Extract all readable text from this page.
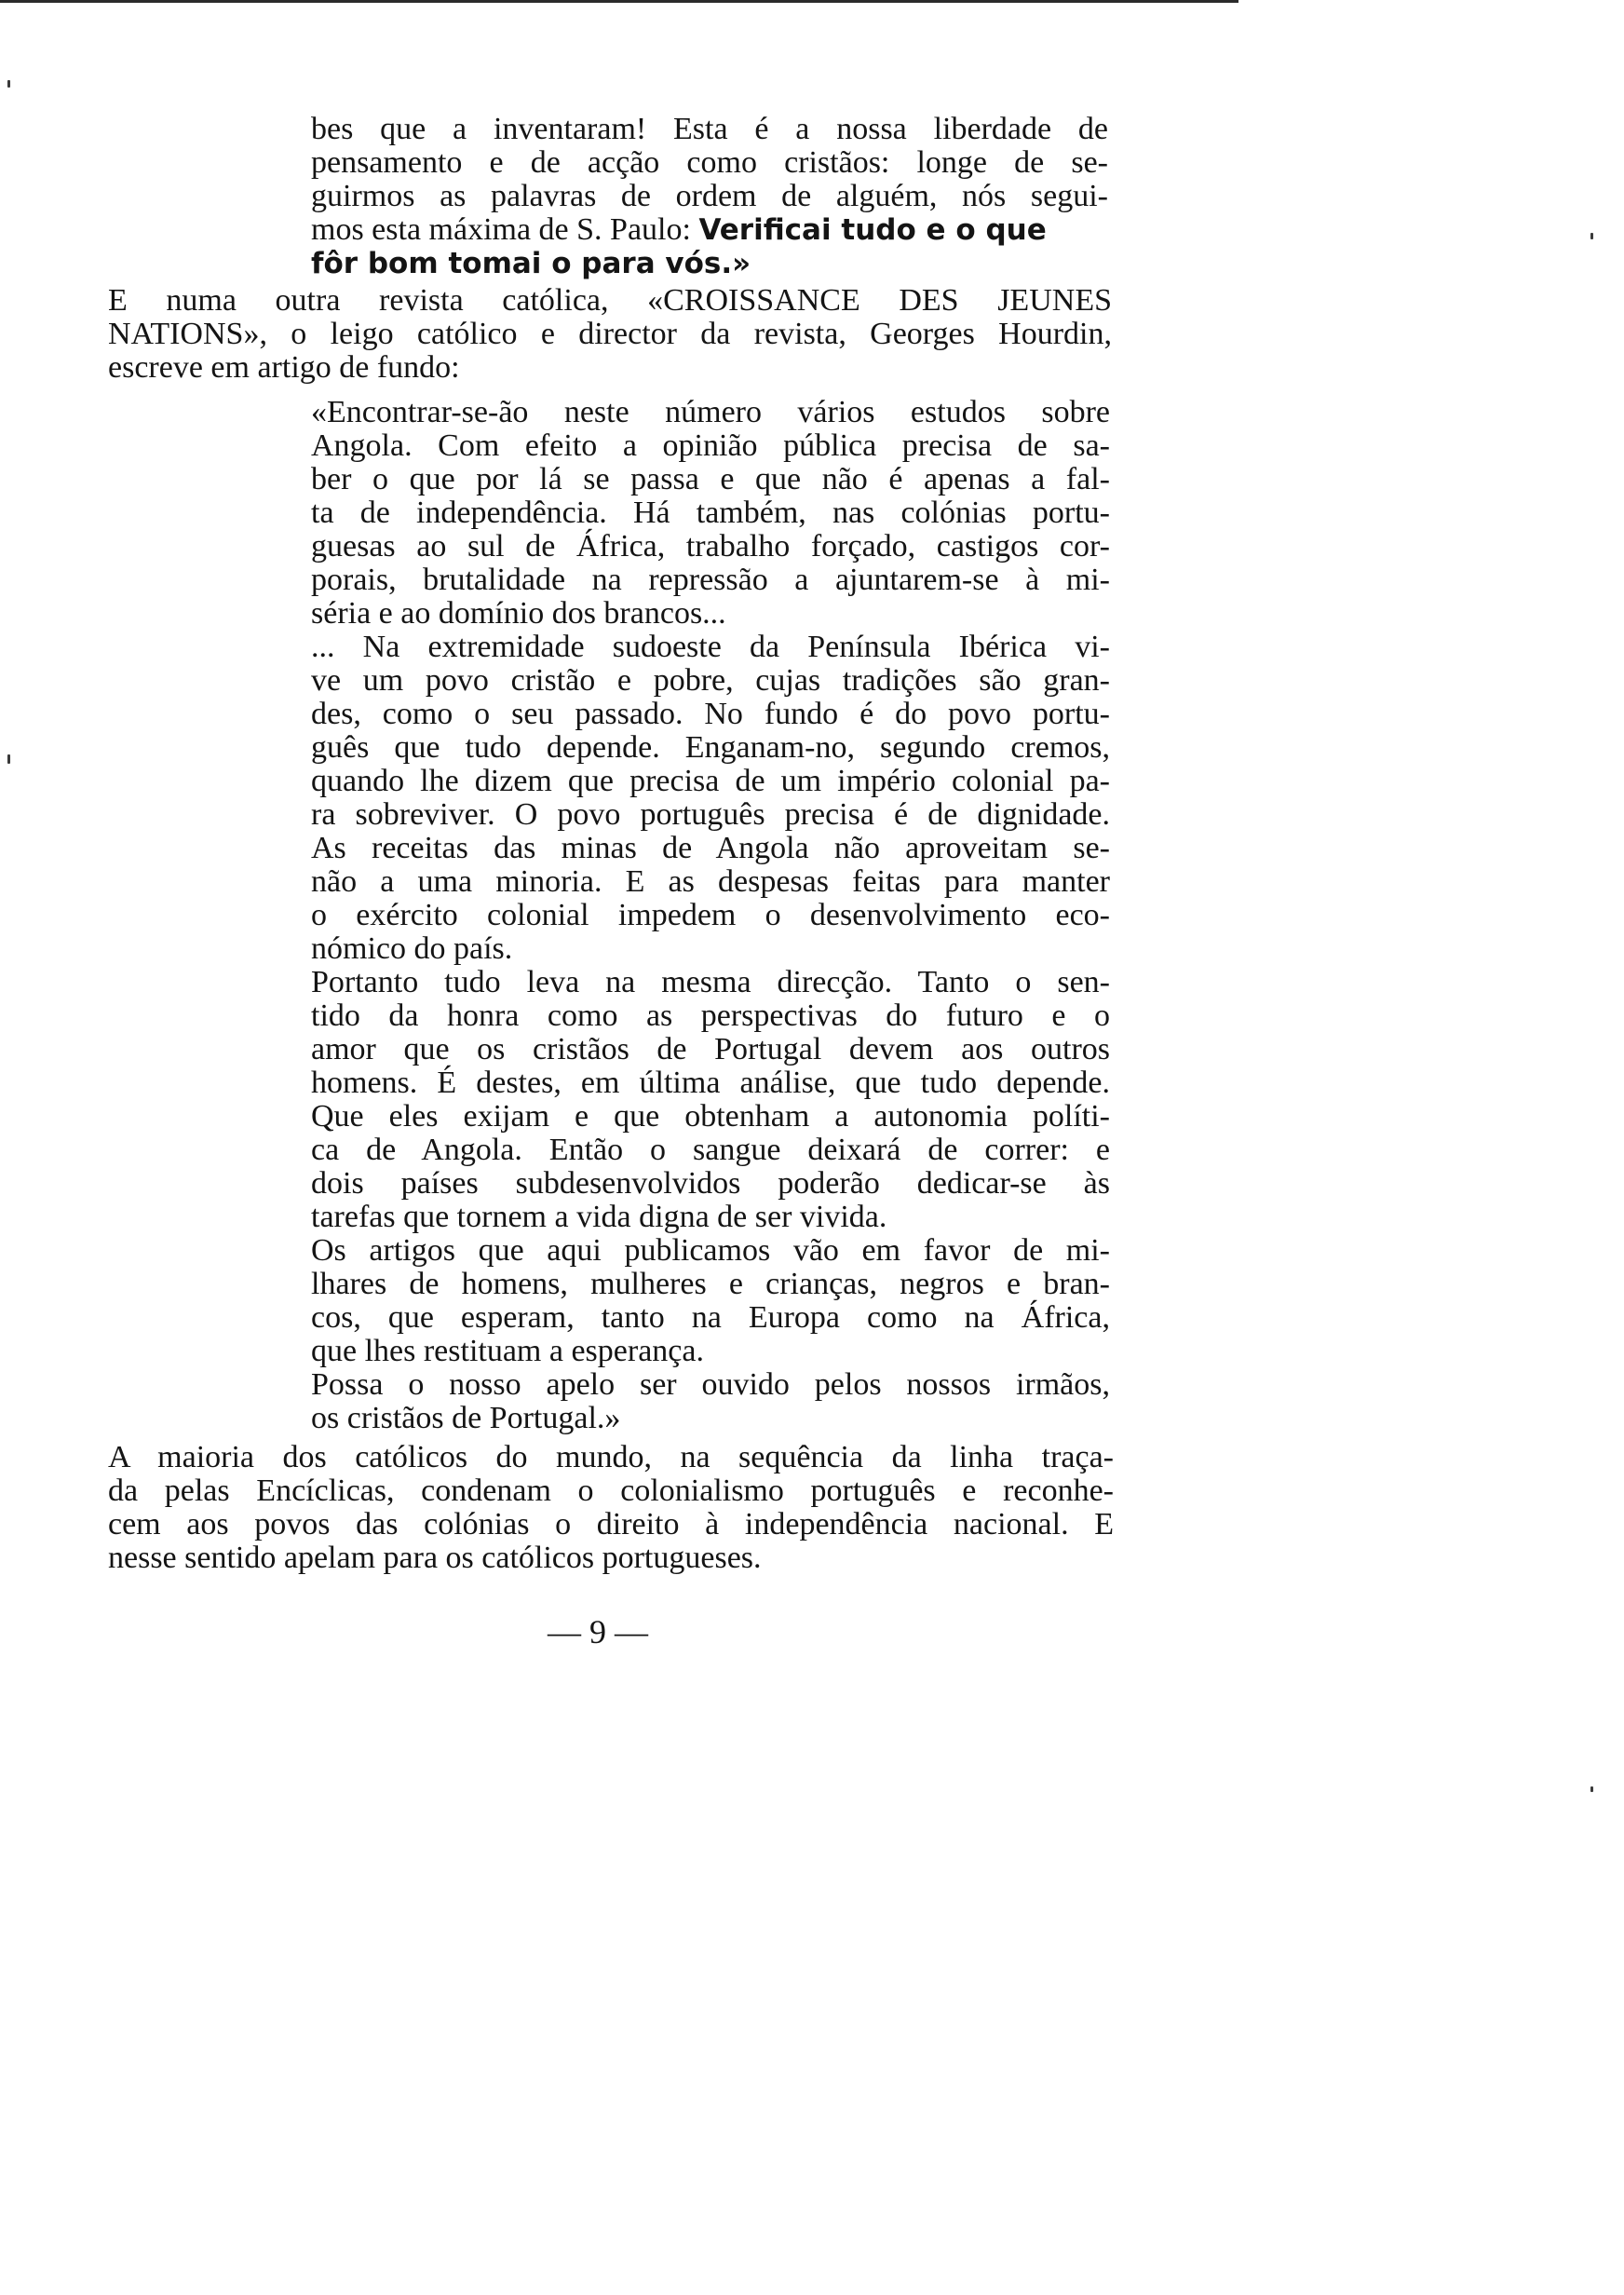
bes que a inventaram! Esta é a nossa liberdade de
pensamento e de acção como cristãos: longe de se-
guirmos as palavras de ordem de alguém, nós segui-
mos esta máxima de S. Paulo: Verificai tudo e o que
fôr bom tomai o para vós.»
E numa outra revista católica, «CROISSANCE DES JEUNES
NATIONS», o leigo católico e director da revista, Georges Hourdin,
escreve em artigo de fundo:
«Encontrar-se-ão neste número vários estudos sobre
Angola. Com efeito a opinião pública precisa de sa-
ber o que por lá se passa e que não é apenas a fal-
ta de independência. Há também, nas colónias portu-
guesas ao sul de África, trabalho forçado, castigos cor-
porais, brutalidade na repressão a ajuntarem-se à mi-
séria e ao domínio dos brancos...
... Na extremidade sudoeste da Península Ibérica vi-
ve um povo cristão e pobre, cujas tradições são gran-
des, como o seu passado. No fundo é do povo portu-
guês que tudo depende. Enganam-no, segundo cremos,
quando lhe dizem que precisa de um império colonial pa-
ra sobreviver. O povo português precisa é de dignidade.
As receitas das minas de Angola não aproveitam se-
não a uma minoria. E as despesas feitas para manter
o exército colonial impedem o desenvolvimento eco-
nómico do país.
Portanto tudo leva na mesma direcção. Tanto o sen-
tido da honra como as perspectivas do futuro e o
amor que os cristãos de Portugal devem aos outros
homens. É destes, em última análise, que tudo depende.
Que eles exijam e que obtenham a autonomia políti-
ca de Angola. Então o sangue deixará de correr: e
dois países subdesenvolvidos poderão dedicar-se às
tarefas que tornem a vida digna de ser vivida.
Os artigos que aqui publicamos vão em favor de mi-
lhares de homens, mulheres e crianças, negros e bran-
cos, que esperam, tanto na Europa como na África,
que lhes restituam a esperança.
Possa o nosso apelo ser ouvido pelos nossos irmãos,
os cristãos de Portugal.»
A maioria dos católicos do mundo, na sequência da linha traça-
da pelas Encíclicas, condenam o colonialismo português e reconhe-
cem aos povos das colónias o direito à independência nacional. E
nesse sentido apelam para os católicos portugueses.
— 9 —
